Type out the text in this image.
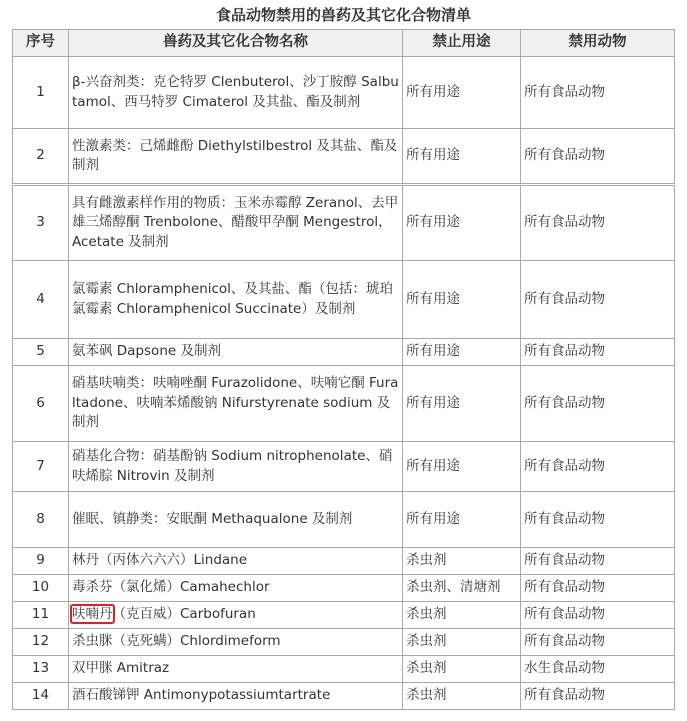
食品动物禁用的兽药及其它化合物清单
序号	兽药及其它化合物名称	禁止用途	禁用动物
1	β-兴奋剂类：克仑特罗 Clenbuterol、沙丁胺醇 Salbutamol、西马特罗 Cimaterol 及其盐、酯及制剂	所有用途	所有食品动物
2	性激素类：己烯雌酚 Diethylstilbestrol 及其盐、酯及制剂	所有用途	所有食品动物
3	具有雌激素样作用的物质：玉米赤霉醇 Zeranol、去甲雄三烯醇酮 Trenbolone、醋酸甲孕酮 Mengestrol，Acetate 及制剂	所有用途	所有食品动物
4	氯霉素 Chloramphenicol、及其盐、酯（包括：琥珀氯霉素 Chloramphenicol Succinate）及制剂	所有用途	所有食品动物
5	氨苯砜 Dapsone 及制剂	所有用途	所有食品动物
6	硝基呋喃类：呋喃唑酮 Furazolidone、呋喃它酮 Furaltadone、呋喃苯烯酸钠 Nifurstyrenate sodium 及制剂	所有用途	所有食品动物
7	硝基化合物：硝基酚钠 Sodium nitrophenolate、硝呋烯腙 Nitrovin 及制剂	所有用途	所有食品动物
8	催眠、镇静类：安眠酮 Methaqualone 及制剂	所有用途	所有食品动物
9	林丹（丙体六六六）Lindane	杀虫剂	所有食品动物
10	毒杀芬（氯化烯）Camahechlor	杀虫剂、清塘剂	所有食品动物
11	呋喃丹（克百威）Carbofuran	杀虫剂	所有食品动物
12	杀虫脒（克死螨）Chlordimeform	杀虫剂	所有食品动物
13	双甲脒 Amitraz	杀虫剂	水生食品动物
14	酒石酸锑钾 Antimonypotassiumtartrate	杀虫剂	所有食品动物
